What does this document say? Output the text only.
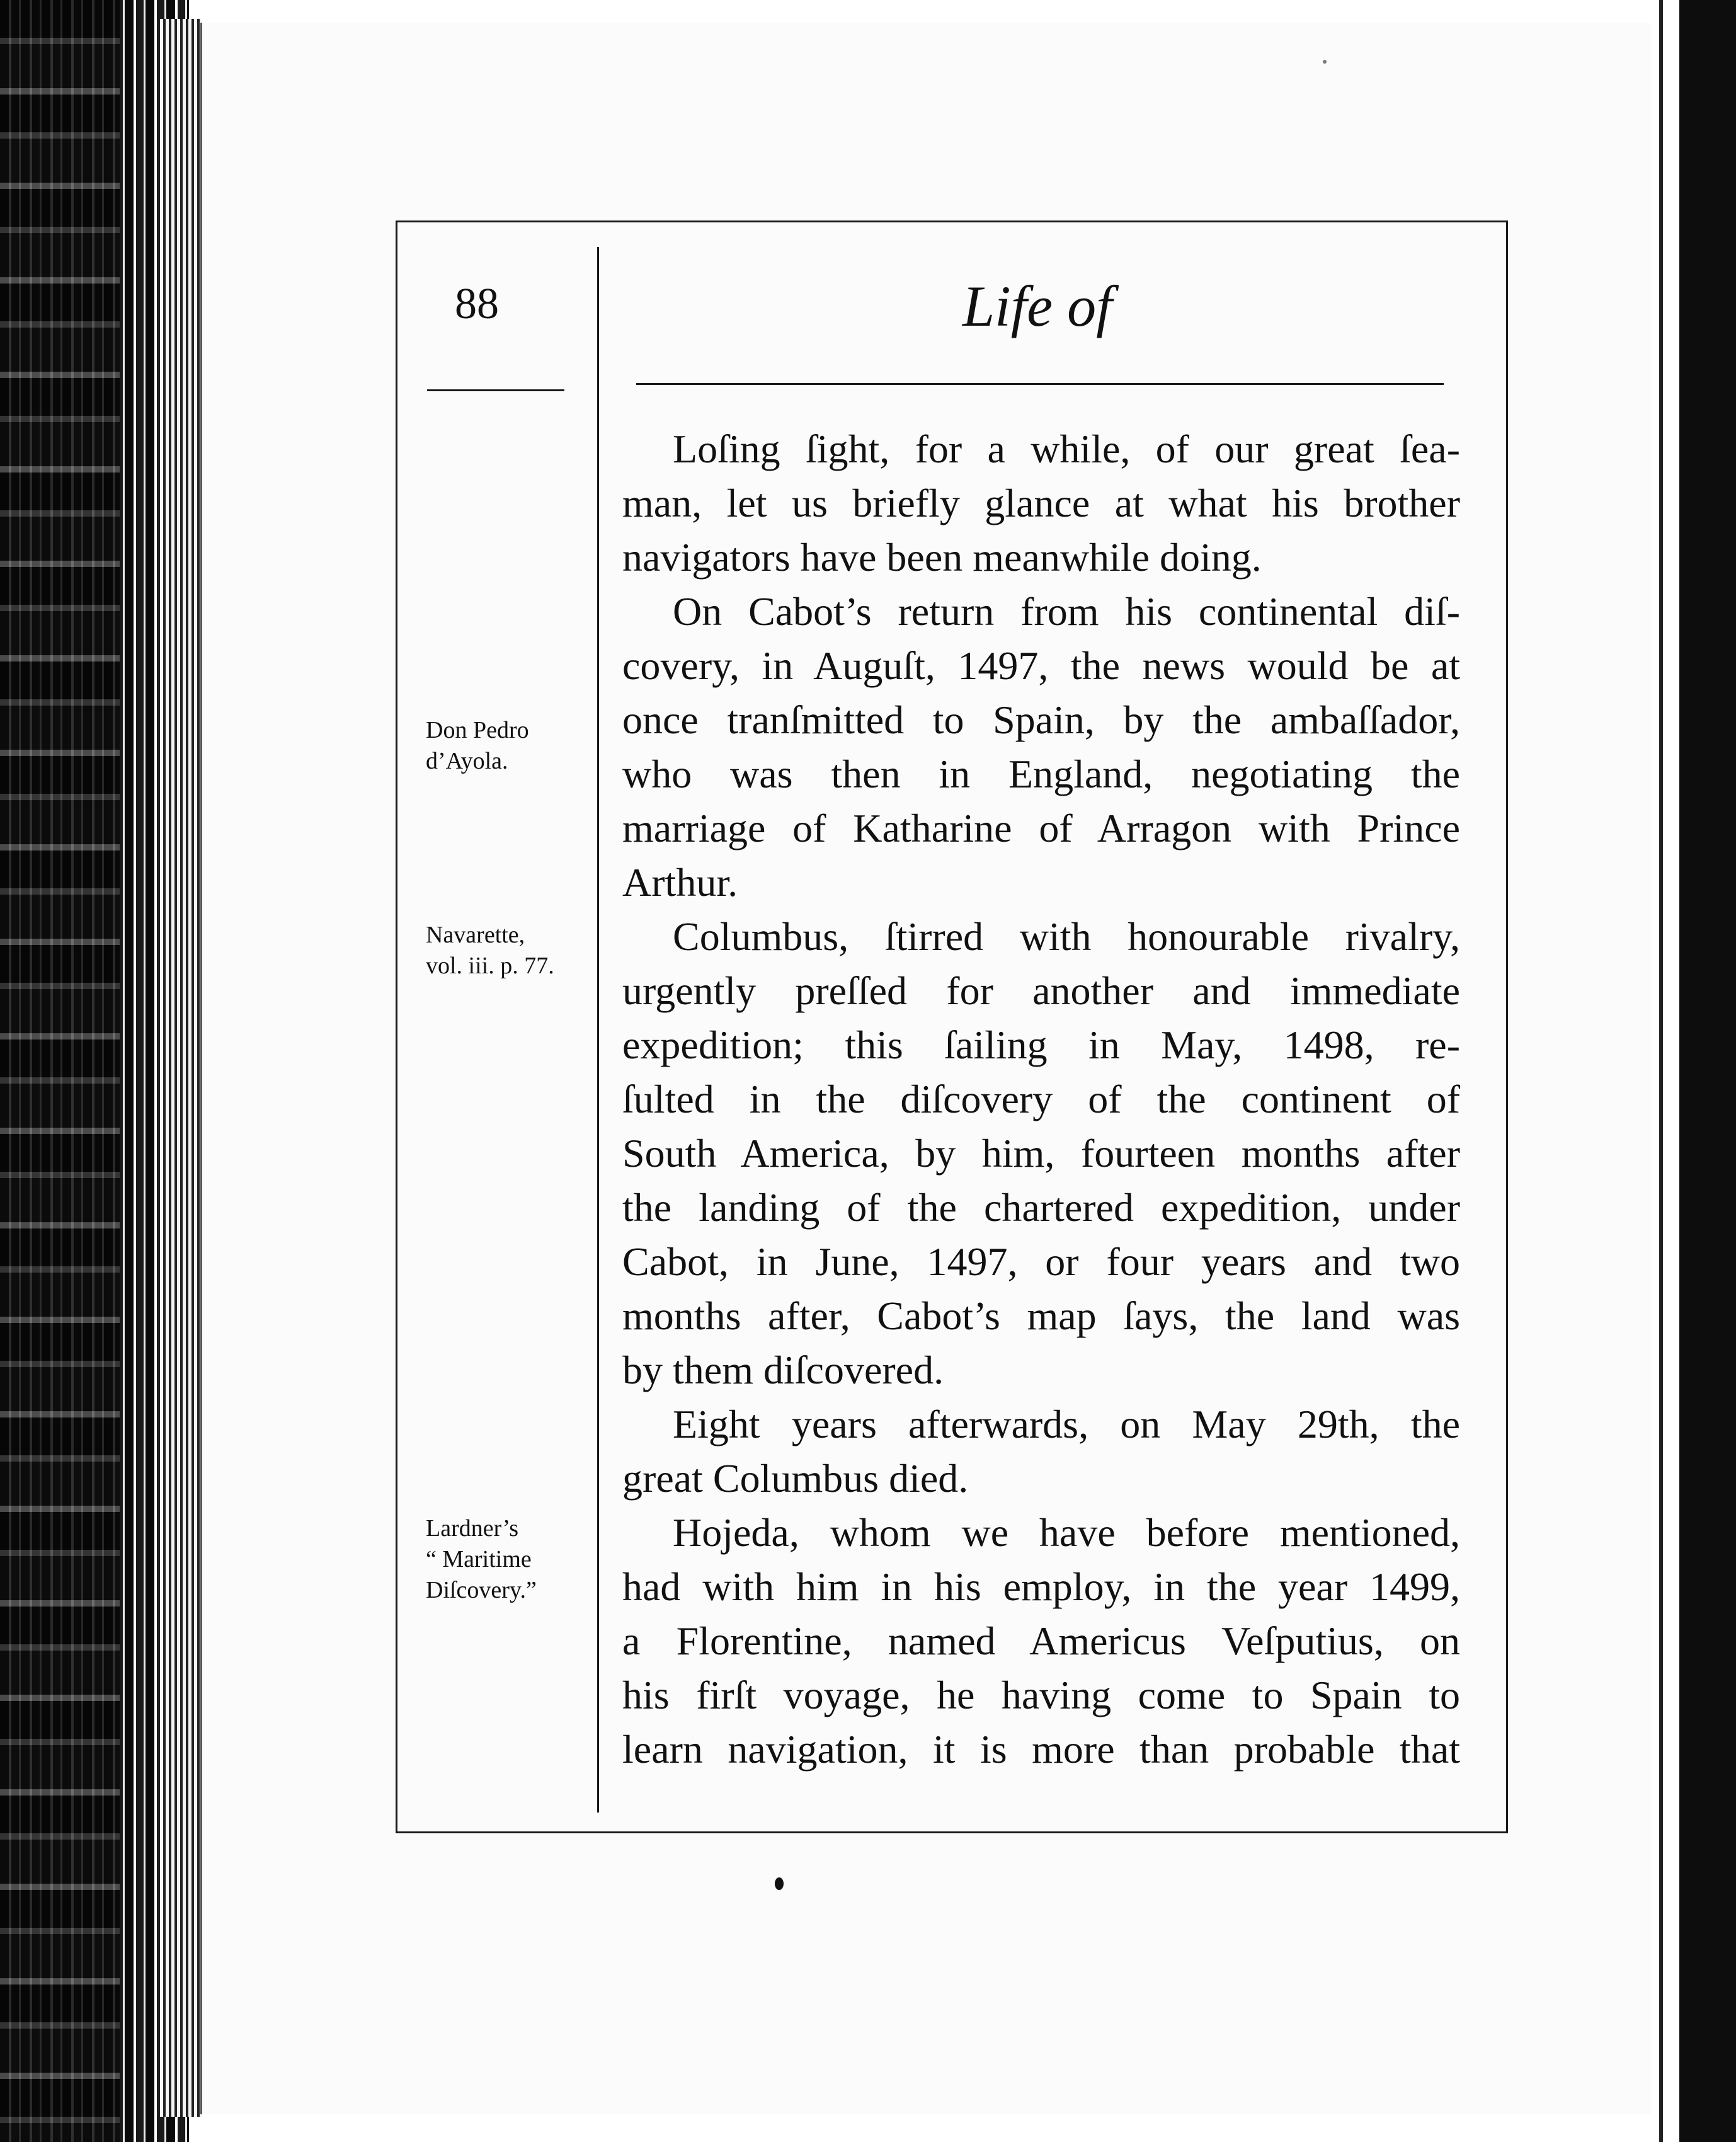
88	Life of
Don Pedro
d’Ayola.
Navarette,
vol. iii. p. 77.
Lardner’s
“ Maritime
Diſcovery.”
Loſing ſight, for a while, of our great ſea-
man, let us briefly glance at what his brother
navigators have been meanwhile doing.
On Cabot’s return from his continental diſ-
covery, in Auguſt, 1497, the news would be at
once tranſmitted to Spain, by the ambaſſador,
who was then in England, negotiating the
marriage of Katharine of Arragon with Prince
Arthur.
Columbus, ſtirred with honourable rivalry,
urgently preſſed for another and immediate
expedition; this ſailing in May, 1498, re-
ſulted in the diſcovery of the continent of
South America, by him, fourteen months after
the landing of the chartered expedition, under
Cabot, in June, 1497, or four years and two
months after, Cabot’s map ſays, the land was
by them diſcovered.
Eight years afterwards, on May 29th, the
great Columbus died.
Hojeda, whom we have before mentioned,
had with him in his employ, in the year 1499,
a Florentine, named Americus Veſputius, on
his firſt voyage, he having come to Spain to
learn navigation, it is more than probable that
